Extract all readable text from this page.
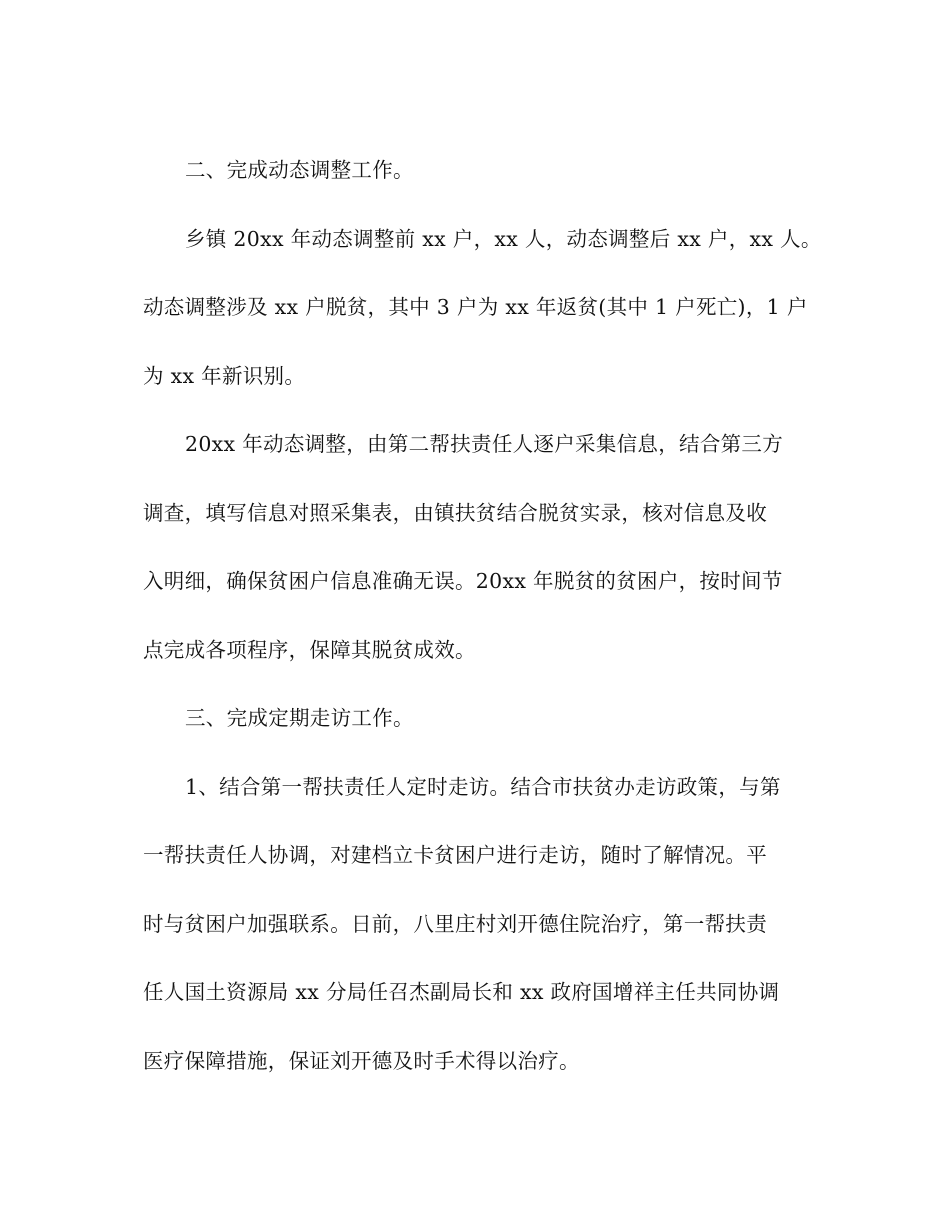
二、完成动态调整工作。

乡镇 20xx 年动态调整前 xx 户，xx 人，动态调整后 xx 户，xx 人。
动态调整涉及 xx 户脱贫，其中 3 户为 xx 年返贫(其中 1 户死亡)，1 户
为 xx 年新识别。

20xx 年动态调整，由第二帮扶责任人逐户采集信息，结合第三方
调查，填写信息对照采集表，由镇扶贫结合脱贫实录，核对信息及收
入明细，确保贫困户信息准确无误。20xx 年脱贫的贫困户，按时间节
点完成各项程序，保障其脱贫成效。

三、完成定期走访工作。

1、结合第一帮扶责任人定时走访。结合市扶贫办走访政策，与第
一帮扶责任人协调，对建档立卡贫困户进行走访，随时了解情况。平
时与贫困户加强联系。日前，八里庄村刘开德住院治疗，第一帮扶责
任人国土资源局 xx 分局任召杰副局长和 xx 政府国增祥主任共同协调
医疗保障措施，保证刘开德及时手术得以治疗。
